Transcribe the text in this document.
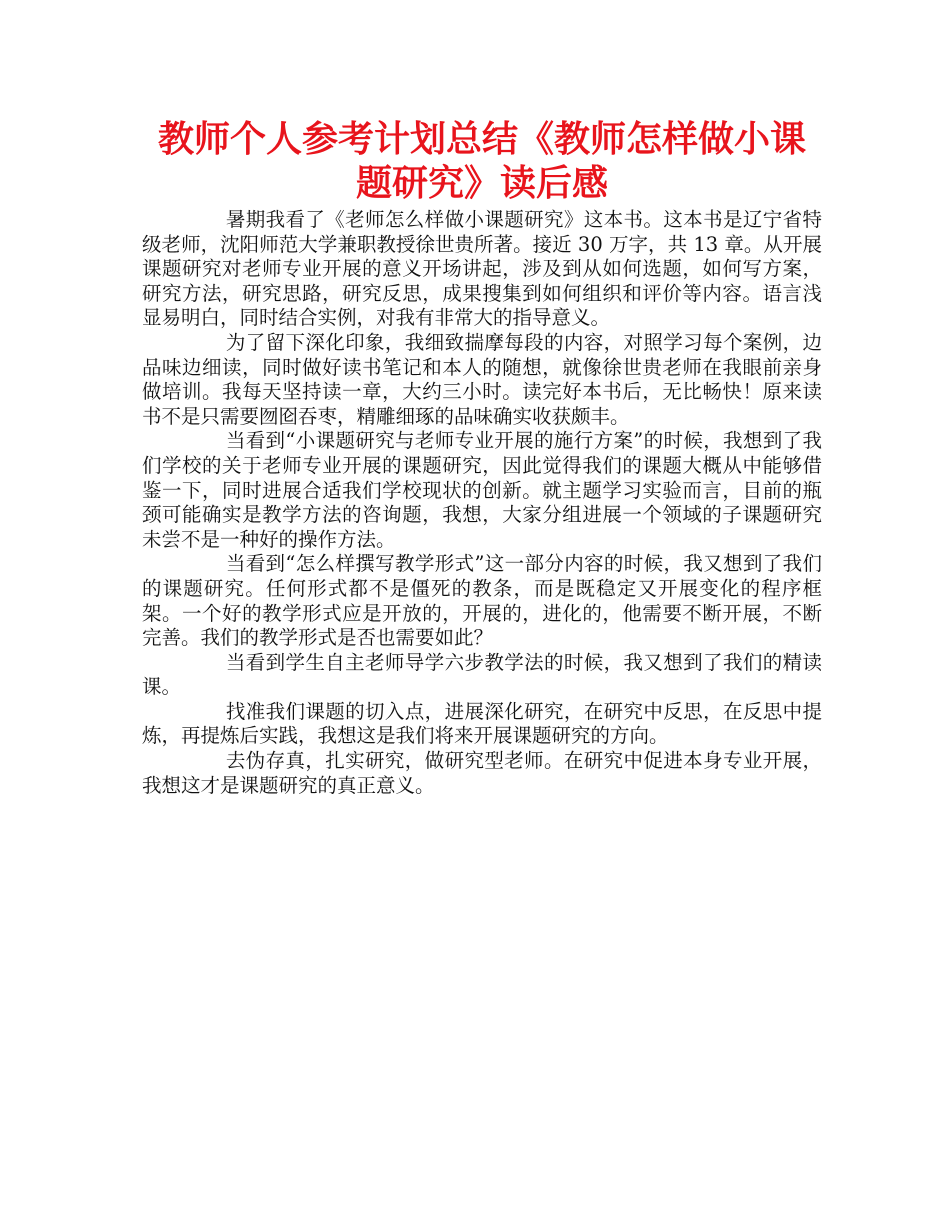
教师个人参考计划总结《教师怎样做小课题研究》读后感

暑期我看了《老师怎么样做小课题研究》这本书。这本书是辽宁省特级老师，沈阳师范大学兼职教授徐世贵所著。接近 30 万字，共 13 章。从开展课题研究对老师专业开展的意义开场讲起，涉及到从如何选题，如何写方案，研究方法，研究思路，研究反思，成果搜集到如何组织和评价等内容。语言浅显易明白，同时结合实例，对我有非常大的指导意义。

为了留下深化印象，我细致揣摩每段的内容，对照学习每个案例，边品味边细读，同时做好读书笔记和本人的随想，就像徐世贵老师在我眼前亲身做培训。我每天坚持读一章，大约三小时。读完好本书后，无比畅快！原来读书不是只需要囫囵吞枣，精雕细琢的品味确实收获颇丰。

当看到“小课题研究与老师专业开展的施行方案”的时候，我想到了我们学校的关于老师专业开展的课题研究，因此觉得我们的课题大概从中能够借鉴一下，同时进展合适我们学校现状的创新。就主题学习实验而言，目前的瓶颈可能确实是教学方法的咨询题，我想，大家分组进展一个领域的子课题研究未尝不是一种好的操作方法。

当看到“怎么样撰写教学形式”这一部分内容的时候，我又想到了我们的课题研究。任何形式都不是僵死的教条，而是既稳定又开展变化的程序框架。一个好的教学形式应是开放的，开展的，进化的，他需要不断开展，不断完善。我们的教学形式是否也需要如此？

当看到学生自主老师导学六步教学法的时候，我又想到了我们的精读课。

找准我们课题的切入点，进展深化研究，在研究中反思，在反思中提炼，再提炼后实践，我想这是我们将来开展课题研究的方向。

去伪存真，扎实研究，做研究型老师。在研究中促进本身专业开展，我想这才是课题研究的真正意义。
